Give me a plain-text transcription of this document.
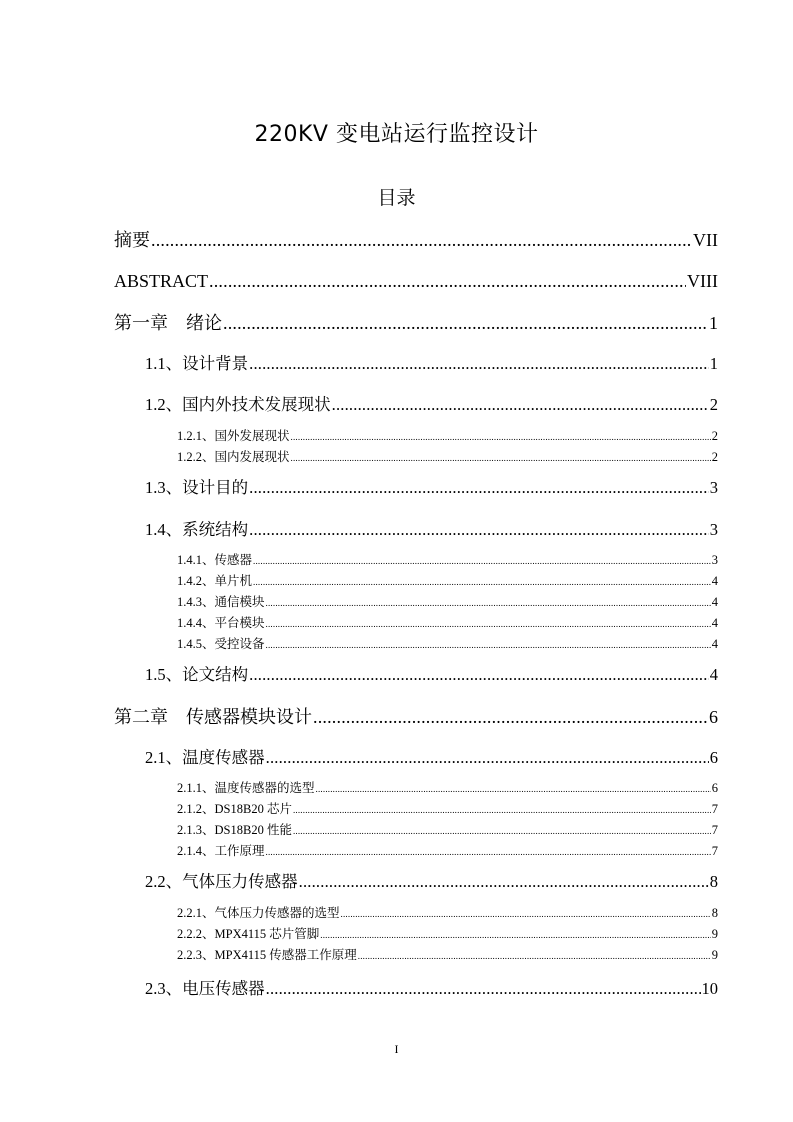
220KV 变电站运行监控设计
目录
摘要 .....	VII
ABSTRACT .....	VIII
第一章　绪论 .....	1
1.1、设计背景 .....	1
1.2、国内外技术发展现状 .....	2
1.2.1、国外发展现状 .....	2
1.2.2、国内发展现状 .....	2
1.3、设计目的 .....	3
1.4、系统结构 .....	3
1.4.1、传感器 .....	3
1.4.2、单片机 .....	4
1.4.3、通信模块 .....	4
1.4.4、平台模块 .....	4
1.4.5、受控设备 .....	4
1.5、论文结构 .....	4
第二章　传感器模块设计 .....	6
2.1、温度传感器 .....	6
2.1.1、温度传感器的选型 .....	6
2.1.2、DS18B20 芯片 .....	7
2.1.3、DS18B20 性能 .....	7
2.1.4、工作原理 .....	7
2.2、气体压力传感器 .....	8
2.2.1、气体压力传感器的选型 .....	8
2.2.2、MPX4115 芯片管脚 .....	9
2.2.3、MPX4115 传感器工作原理 .....	9
2.3、电压传感器 .....	10
I
